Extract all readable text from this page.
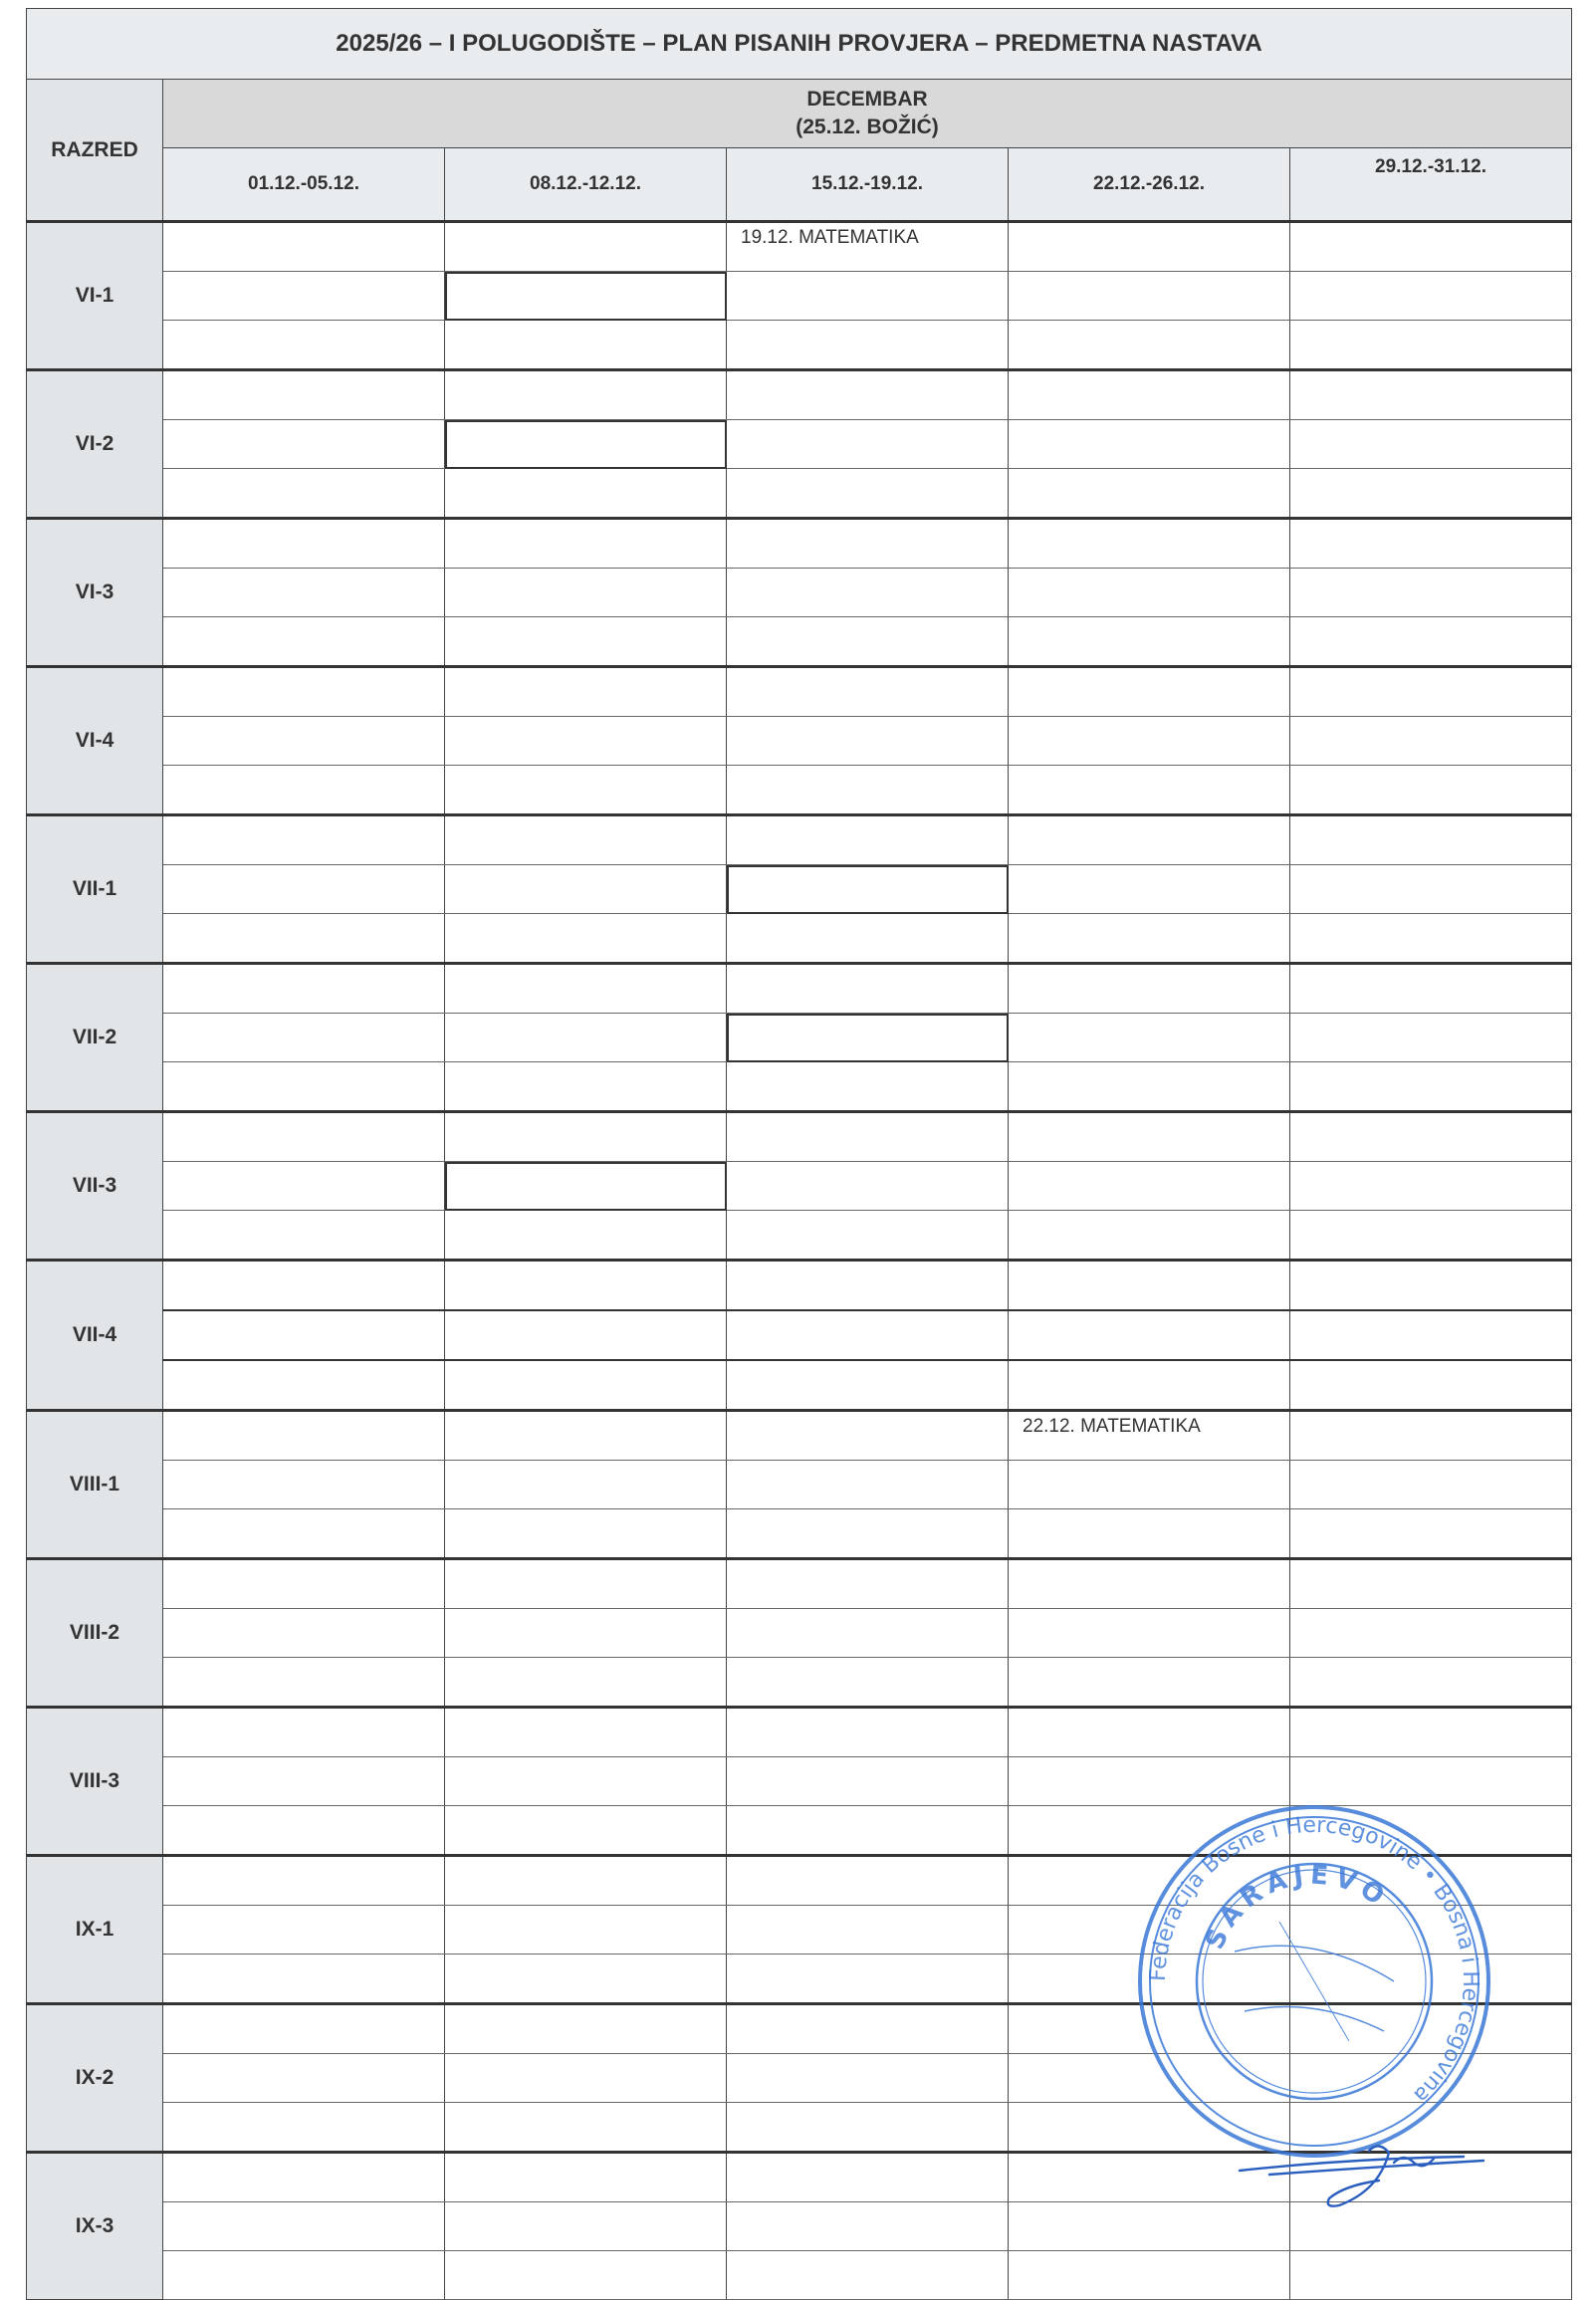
2025/26 – I POLUGODIŠTE – PLAN PISANIH PROVJERA – PREDMETNA NASTAVA					
RAZRED	DECEMBAR
(25.12. BOŽIĆ)				

	01.12.-05.12.	08.12.-12.12.	15.12.-19.12.	22.12.-26.12.	29.12.-31.12.
VI-1			19.12. MATEMATIKA		

VI-2					

VI-3					

VI-4					

VII-1					

VII-2					

VII-3					

VII-4					

VIII-1				22.12. MATEMATIKA	

VIII-2					

VIII-3					

IX-1					

IX-2					

IX-3					

Federacija Bosne i Hercegovine • Bosna i Hercegovina
SARAJEVO
